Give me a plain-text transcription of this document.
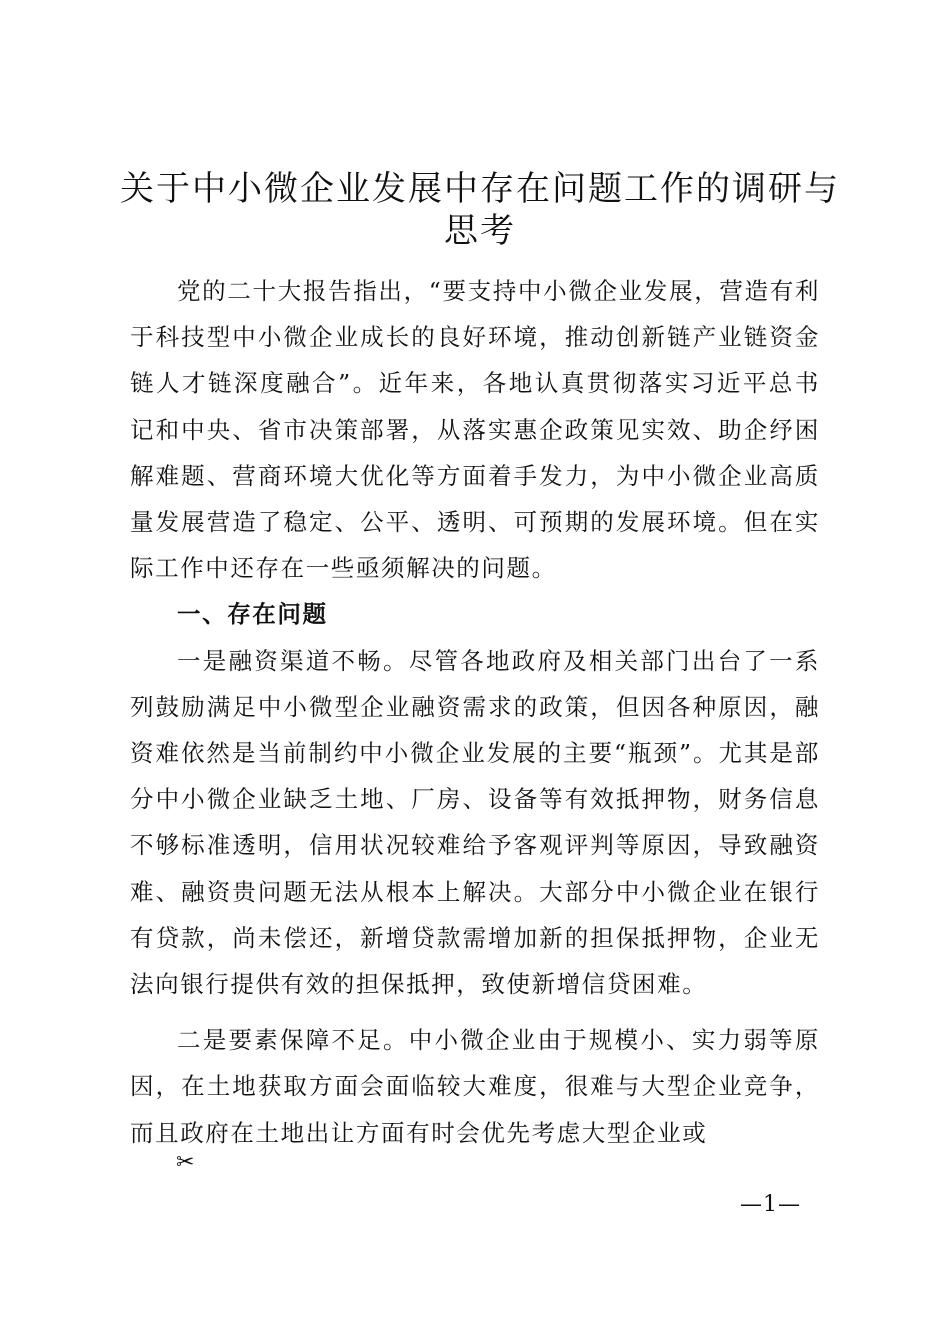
关于中小微企业发展中存在问题工作的调研与思考

党的二十大报告指出，“要支持中小微企业发展，营造有利于科技型中小微企业成长的良好环境，推动创新链产业链资金链人才链深度融合”。近年来，各地认真贯彻落实习近平总书记和中央、省市决策部署，从落实惠企政策见实效、助企纾困解难题、营商环境大优化等方面着手发力，为中小微企业高质量发展营造了稳定、公平、透明、可预期的发展环境。但在实际工作中还存在一些亟须解决的问题。

一、存在问题

一是融资渠道不畅。尽管各地政府及相关部门出台了一系列鼓励满足中小微型企业融资需求的政策，但因各种原因，融资难依然是当前制约中小微企业发展的主要“瓶颈”。尤其是部分中小微企业缺乏土地、厂房、设备等有效抵押物，财务信息不够标准透明，信用状况较难给予客观评判等原因，导致融资难、融资贵问题无法从根本上解决。大部分中小微企业在银行有贷款，尚未偿还，新增贷款需增加新的担保抵押物，企业无法向银行提供有效的担保抵押，致使新增信贷困难。

二是要素保障不足。中小微企业由于规模小、实力弱等原因，在土地获取方面会面临较大难度，很难与大型企业竞争，而且政府在土地出让方面有时会优先考虑大型企业或

✂
—1—
